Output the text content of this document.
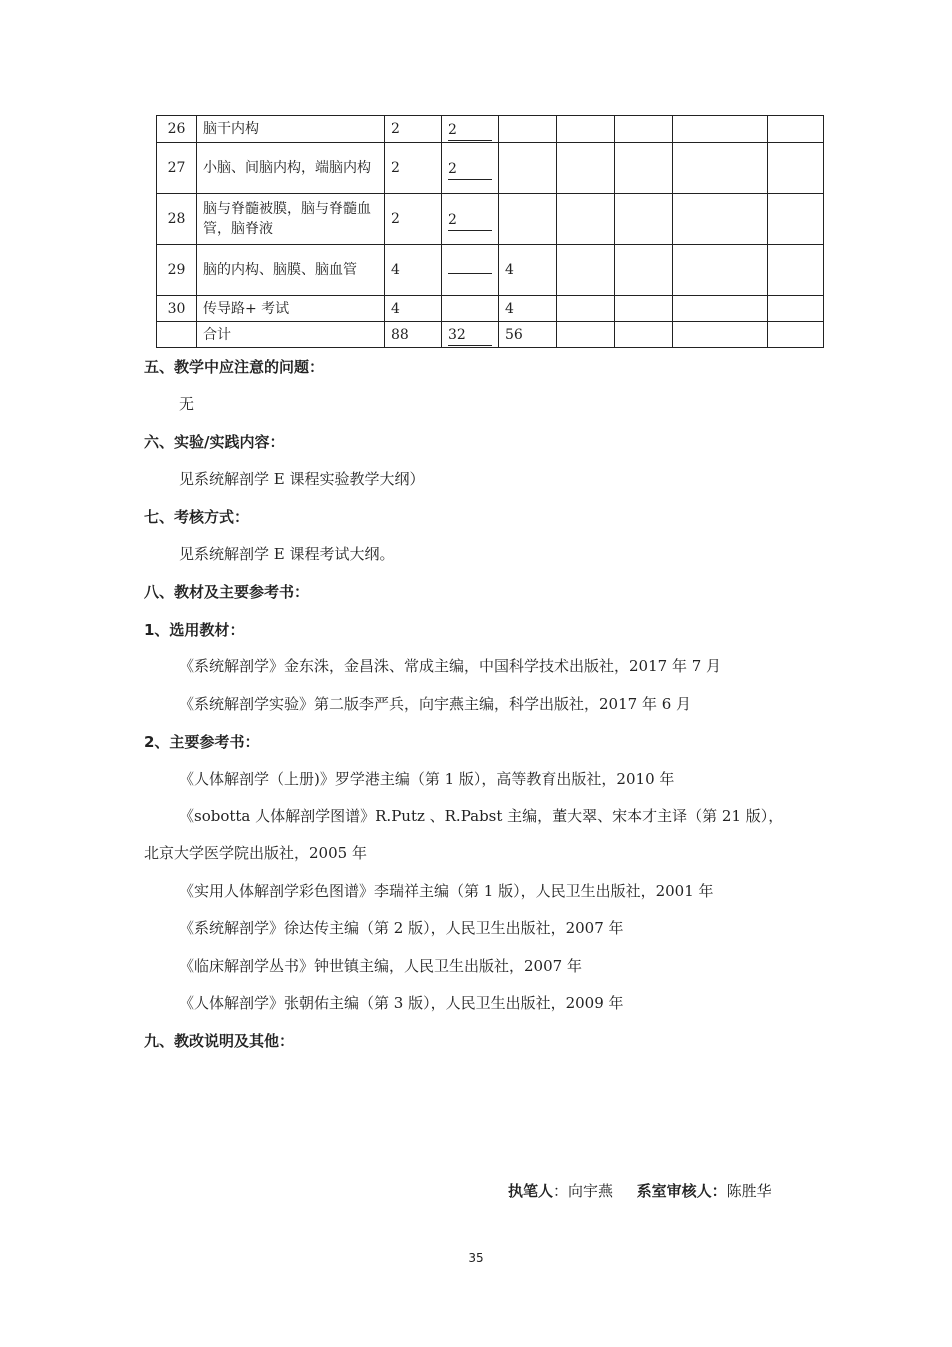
26	脑干内构	2	2					
27	小脑、间脑内构，端脑内构	2	2					
28	脑与脊髓被膜，脑与脊髓血管，脑脊液	2	2					
29	脑的内构、脑膜、脑血管	4		4				
30	传导路+ 考试	4		4				
	合计	88	32	56				
五、教学中应注意的问题：
无
六、实验/实践内容：
见系统解剖学 E 课程实验教学大纲）
七、考核方式：
见系统解剖学 E 课程考试大纲。
八、教材及主要参考书：
1、选用教材：
《系统解剖学》金东洙，金昌洙、常成主编，中国科学技术出版社，2017 年 7 月
《系统解剖学实验》第二版李严兵，向宇燕主编，科学出版社，2017 年 6 月
2、主要参考书：
《人体解剖学（上册)》罗学港主编（第 1 版），高等教育出版社，2010 年
《sobotta 人体解剖学图谱》R.Putz 、R.Pabst 主编，董大翠、宋本才主译（第 21 版），
北京大学医学院出版社，2005 年
《实用人体解剖学彩色图谱》李瑞祥主编（第 1 版），人民卫生出版社，2001 年
《系统解剖学》徐达传主编（第 2 版），人民卫生出版社，2007 年
《临床解剖学丛书》钟世镇主编，人民卫生出版社，2007 年
《人体解剖学》张朝佑主编（第 3 版），人民卫生出版社，2009 年
九、教改说明及其他：
执笔人：向宇燕 系室审核人：陈胜华
35
